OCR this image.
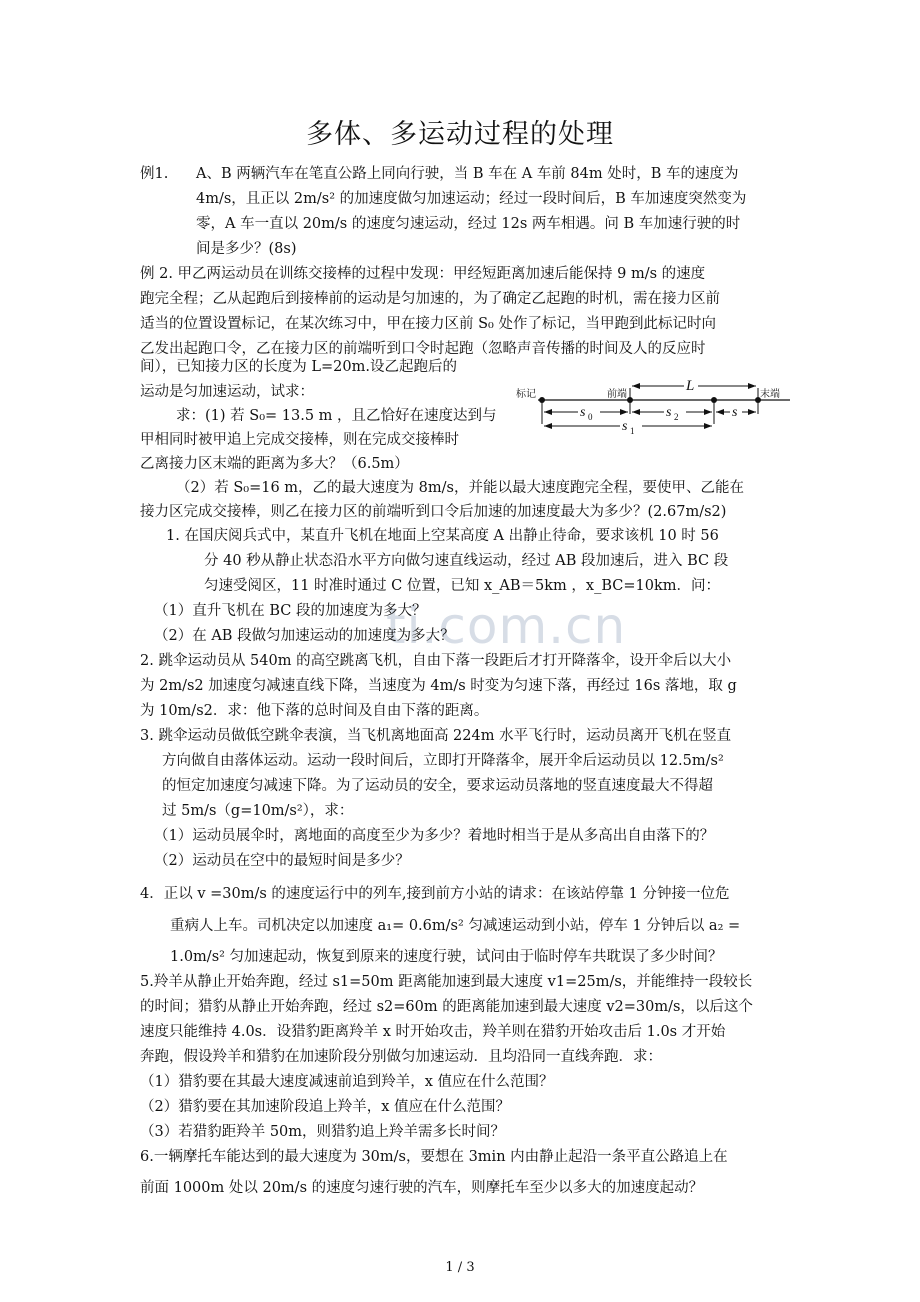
ti.com.cn
多体、多运动过程的处理
例1. A、B 两辆汽车在笔直公路上同向行驶，当 B 车在 A 车前 84m 处时，B 车的速度为
4m/s，且正以 2m/s² 的加速度做匀加速运动；经过一段时间后，B 车加速度突然变为
零，A 车一直以 20m/s 的速度匀速运动，经过 12s 两车相遇。问 B 车加速行驶的时
间是多少？(8s)
例 2. 甲乙两运动员在训练交接棒的过程中发现：甲经短距离加速后能保持 9 m/s 的速度
跑完全程；乙从起跑后到接棒前的运动是匀加速的，为了确定乙起跑的时机，需在接力区前
适当的位置设置标记，在某次练习中，甲在接力区前 S₀ 处作了标记，当甲跑到此标记时向
乙发出起跑口令，乙在接力区的前端听到口令时起跑（忽略声音传播的时间及人的反应时
间），已知接力区的长度为 L=20m.设乙起跑后的
运动是匀加速运动，试求：
求：(1) 若 S₀= 13.5 m ，且乙恰好在速度达到与
甲相同时被甲追上完成交接棒，则在完成交接棒时
乙离接力区末端的距离为多大？（6.5m）
（2）若 S₀=16 m，乙的最大速度为 8m/s，并能以最大速度跑完全程，要使甲、乙能在
接力区完成交接棒，则乙在接力区的前端听到口令后加速的加速度最大为多少？(2.67m/s2)
L
标记	前端	末端
s 0	s 2	s
s 1
1. 在国庆阅兵式中，某直升飞机在地面上空某高度 A 出静止待命，要求该机 10 时 56
分 40 秒从静止状态沿水平方向做匀速直线运动，经过 AB 段加速后，进入 BC 段
匀速受阅区，11 时准时通过 C 位置，已知 x_AB＝5km ，x_BC=10km．问：
（1）直升飞机在 BC 段的加速度为多大？
（2）在 AB 段做匀加速运动的加速度为多大？
2. 跳伞运动员从 540m 的高空跳离飞机，自由下落一段距后才打开降落伞，设开伞后以大小
为 2m/s2 加速度匀减速直线下降，当速度为 4m/s 时变为匀速下落，再经过 16s 落地，取 g
为 10m/s2．求：他下落的总时间及自由下落的距离。
3. 跳伞运动员做低空跳伞表演，当飞机离地面高 224m 水平飞行时，运动员离开飞机在竖直
方向做自由落体运动。运动一段时间后，立即打开降落伞，展开伞后运动员以 12.5m/s²
的恒定加速度匀减速下降。为了运动员的安全，要求运动员落地的竖直速度最大不得超
过 5m/s（g=10m/s²），求：
（1）运动员展伞时，离地面的高度至少为多少？着地时相当于是从多高出自由落下的？
（2）运动员在空中的最短时间是多少？
4．正以 v =30m/s 的速度运行中的列车,接到前方小站的请求：在该站停靠 1 分钟接一位危
重病人上车。司机决定以加速度 a₁= 0.6m/s² 匀减速运动到小站，停车 1 分钟后以 a₂ =
1.0m/s² 匀加速起动，恢复到原来的速度行驶，试问由于临时停车共耽误了多少时间？
5.羚羊从静止开始奔跑，经过 s1=50m 距离能加速到最大速度 v1=25m/s，并能维持一段较长
的时间；猎豹从静止开始奔跑，经过 s2=60m 的距离能加速到最大速度 v2=30m/s，以后这个
速度只能维持 4.0s．设猎豹距离羚羊 x 时开始攻击，羚羊则在猎豹开始攻击后 1.0s 才开始
奔跑，假设羚羊和猎豹在加速阶段分别做匀加速运动．且均沿同一直线奔跑．求：
（1）猎豹要在其最大速度减速前追到羚羊，x 值应在什么范围？
（2）猎豹要在其加速阶段追上羚羊，x 值应在什么范围？
（3）若猎豹距羚羊 50m，则猎豹追上羚羊需多长时间？
6.一辆摩托车能达到的最大速度为 30m/s，要想在 3min 内由静止起沿一条平直公路追上在
前面 1000m 处以 20m/s 的速度匀速行驶的汽车，则摩托车至少以多大的加速度起动？
1 / 3
